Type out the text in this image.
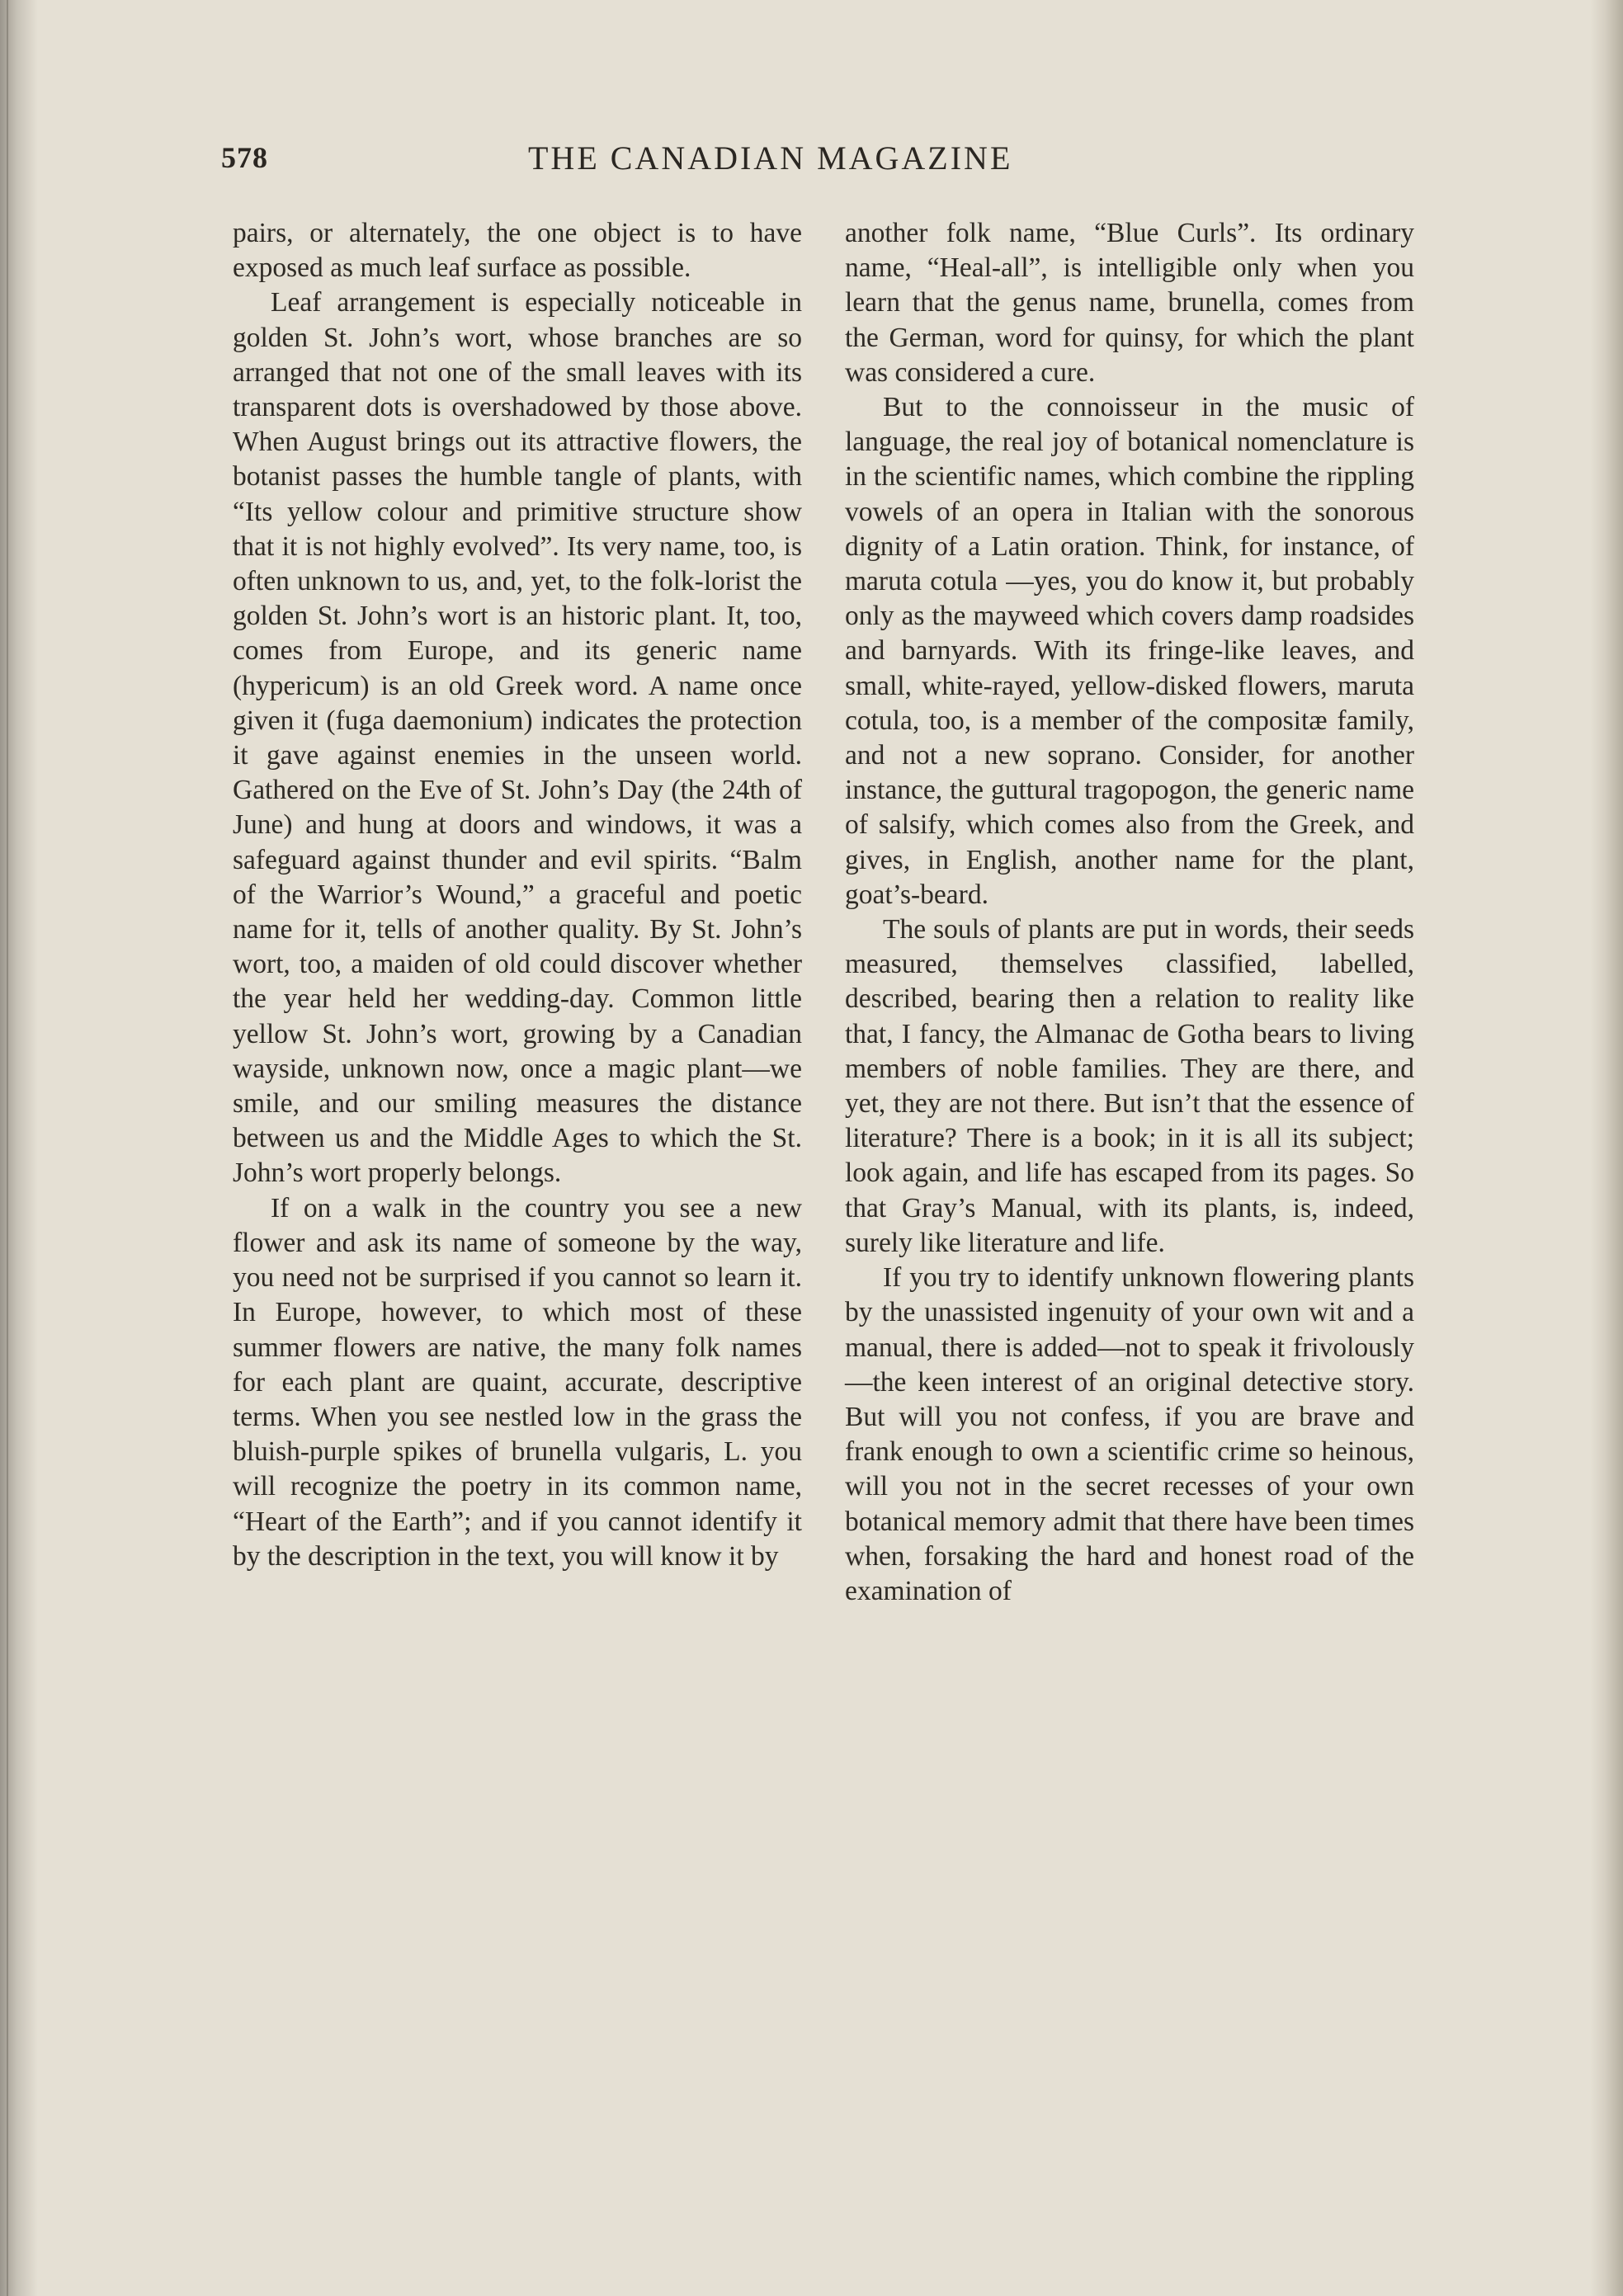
578	THE CANADIAN MAGAZINE

pairs, or alternately, the one object is to have exposed as much leaf surface as possible.

Leaf arrangement is especially noticeable in golden St. John’s wort, whose branches are so arranged that not one of the small leaves with its transparent dots is overshadowed by those above. When August brings out its attractive flowers, the botanist passes the humble tangle of plants, with “Its yellow colour and primitive structure show that it is not highly evolved”. Its very name, too, is often unknown to us, and, yet, to the folk-lorist the golden St. John’s wort is an historic plant. It, too, comes from Europe, and its generic name (hypericum) is an old Greek word. A name once given it (fuga daemonium) indicates the protection it gave against enemies in the unseen world. Gathered on the Eve of St. John’s Day (the 24th of June) and hung at doors and windows, it was a safeguard against thunder and evil spirits. “Balm of the Warrior’s Wound,” a graceful and poetic name for it, tells of another quality. By St. John’s wort, too, a maiden of old could discover whether the year held her wedding-day. Common little yellow St. John’s wort, growing by a Canadian wayside, unknown now, once a magic plant—we smile, and our smiling measures the distance between us and the Middle Ages to which the St. John’s wort properly belongs.

If on a walk in the country you see a new flower and ask its name of someone by the way, you need not be surprised if you cannot so learn it. In Europe, however, to which most of these summer flowers are native, the many folk names for each plant are quaint, accurate, descriptive terms. When you see nestled low in the grass the bluish-purple spikes of brunella vulgaris, L. you will recognize the poetry in its common name, “Heart of the Earth”; and if you cannot identify it by the description in the text, you will know it by

another folk name, “Blue Curls”. Its ordinary name, “Heal-all”, is intelligible only when you learn that the genus name, brunella, comes from the German, word for quinsy, for which the plant was considered a cure.

But to the connoisseur in the music of language, the real joy of botanical nomenclature is in the scientific names, which combine the rippling vowels of an opera in Italian with the sonorous dignity of a Latin oration. Think, for instance, of maruta cotula —yes, you do know it, but probably only as the mayweed which covers damp roadsides and barnyards. With its fringe-like leaves, and small, white-rayed, yellow-disked flowers, maruta cotula, too, is a member of the compositæ family, and not a new soprano. Consider, for another instance, the guttural tragopogon, the generic name of salsify, which comes also from the Greek, and gives, in English, another name for the plant, goat’s-beard.

The souls of plants are put in words, their seeds measured, themselves classified, labelled, described, bearing then a relation to reality like that, I fancy, the Almanac de Gotha bears to living members of noble families. They are there, and yet, they are not there. But isn’t that the essence of literature? There is a book; in it is all its subject; look again, and life has escaped from its pages. So that Gray’s Manual, with its plants, is, indeed, surely like literature and life.

If you try to identify unknown flowering plants by the unassisted ingenuity of your own wit and a manual, there is added—not to speak it frivolously—the keen interest of an original detective story. But will you not confess, if you are brave and frank enough to own a scientific crime so heinous, will you not in the secret recesses of your own botanical memory admit that there have been times when, forsaking the hard and honest road of the examination of
